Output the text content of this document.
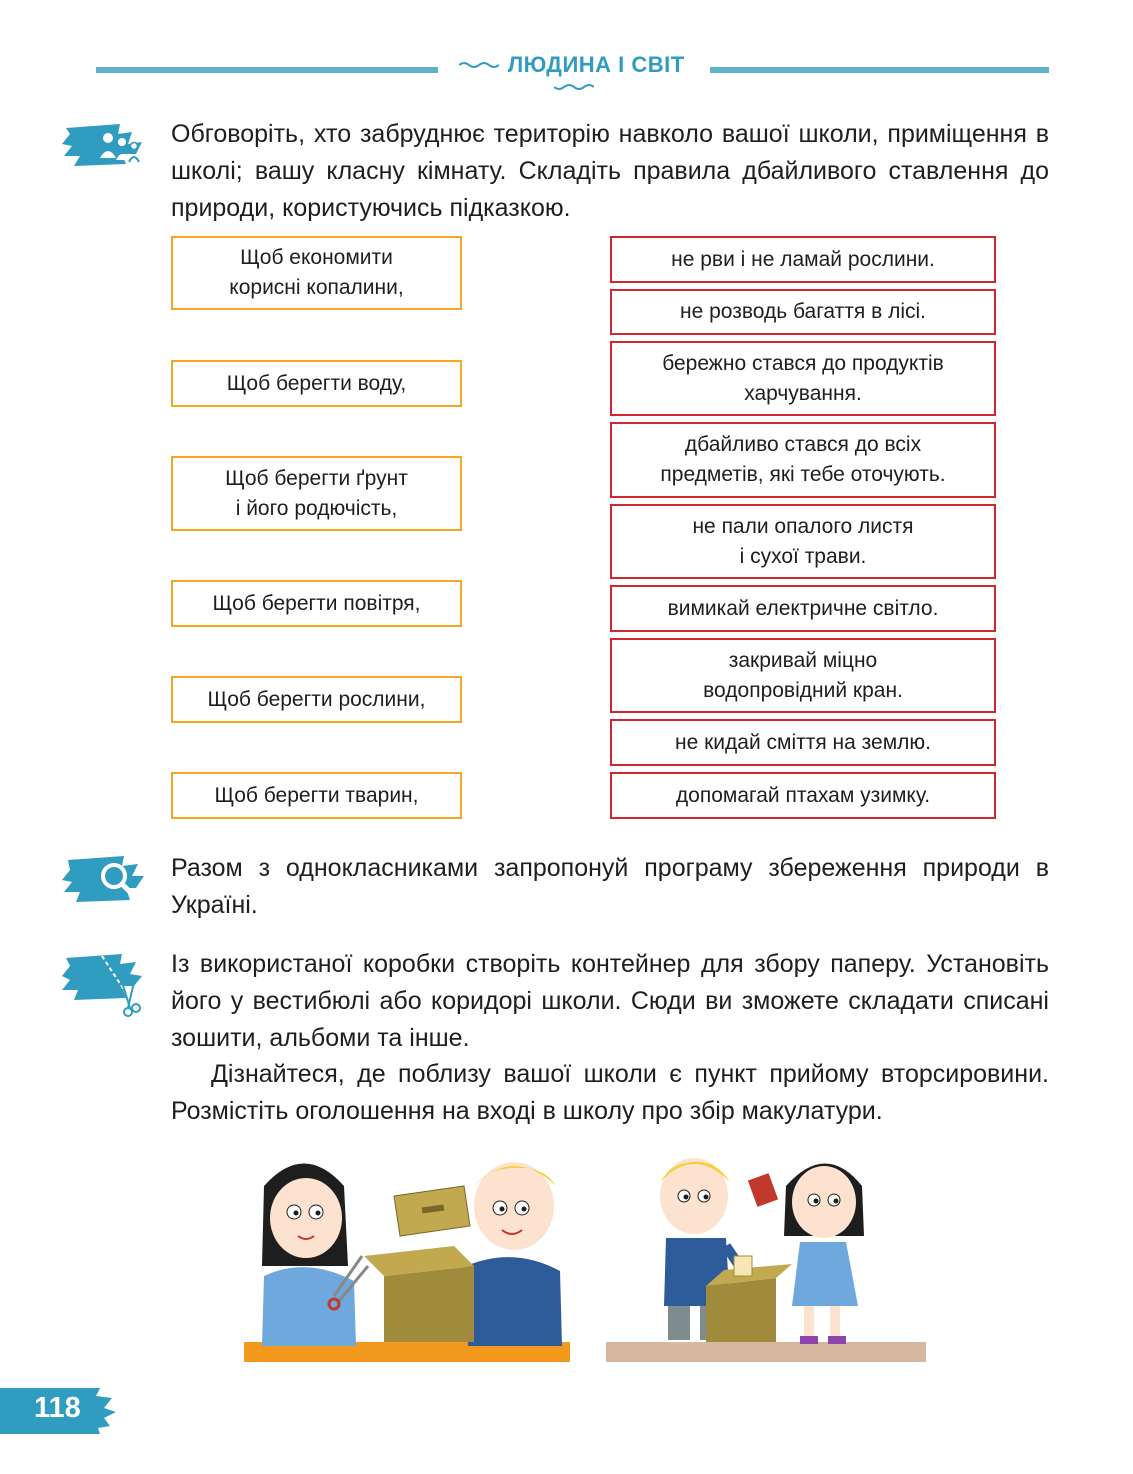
ЛЮДИНА І СВІТ

Обговоріть, хто забруднює територію навколо вашої школи, приміщення в школі; вашу класну кімнату. Складіть правила дбайливого ставлення до природи, користуючись підказкою.

Щоб економити
корисні копалини,
Щоб берегти воду,
Щоб берегти ґрунт
і його родючість,
Щоб берегти повітря,
Щоб берегти рослини,
Щоб берегти тварин,
не рви і не ламай рослини.
не розводь багаття в лісі.
бережно стався до продуктів
харчування.
дбайливо стався до всіх
предметів, які тебе оточують.
не пали опалого листя
і сухої трави.
вимикай електричне світло.
закривай міцно
водопровідний кран.
не кидай сміття на землю.
допомагай птахам узимку.

Разом з однокласниками запропонуй програму збереження природи в Україні.

Із використаної коробки створіть контейнер для збору паперу. Установіть його у вестибюлі або коридорі школи. Сюди ви зможете складати списані зошити, альбоми та інше.

Дізнайтеся, де поблизу вашої школи є пункт прийому вторсировини. Розмістіть оголошення на вході в школу про збір макулатури.

118
